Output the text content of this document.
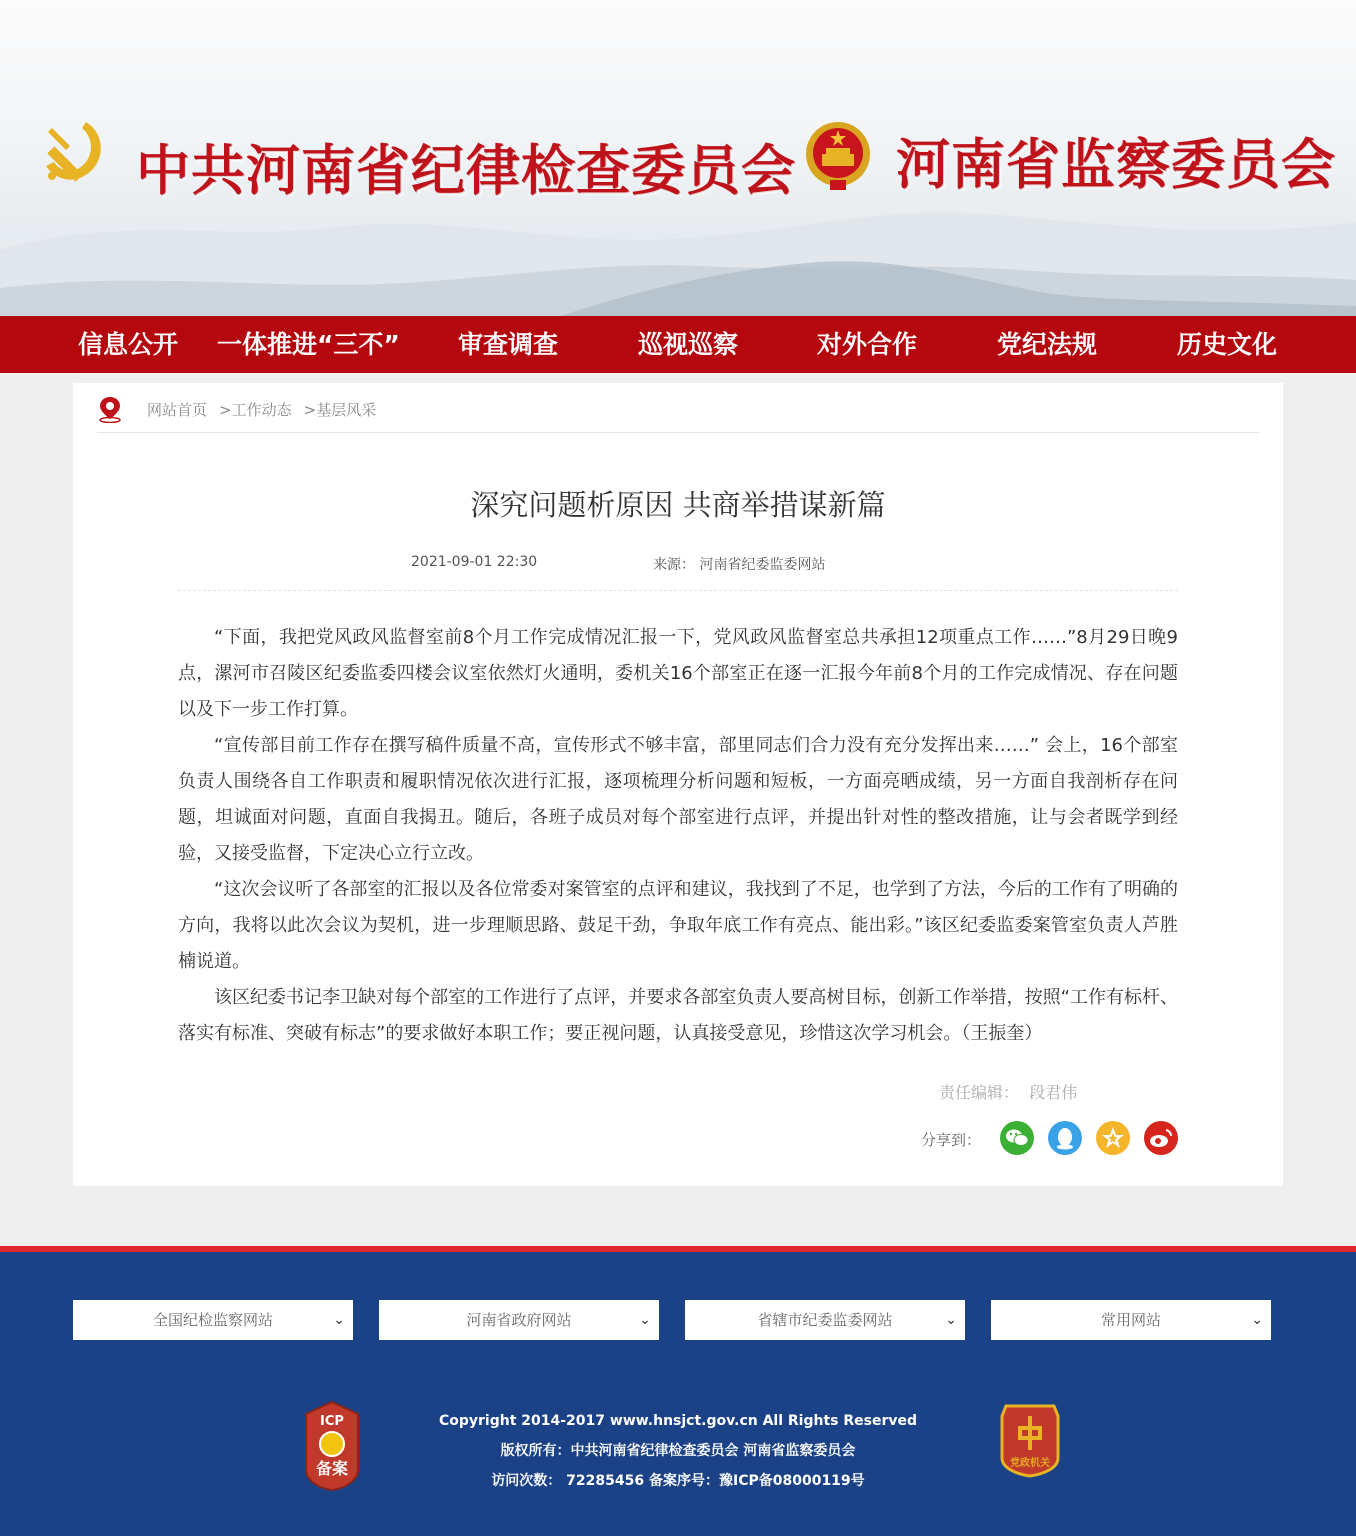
中共河南省纪律检查委员会 河南省监察委员会
信息公开 一体推进“三不” 审查调查	巡视巡察	对外合作	党纪法规	历史文化
网站首页 >工作动态 >基层风采
深究问题析原因 共商举措谋新篇
2021-09-01 22:30	来源： 河南省纪委监委网站

“下面，我把党风政风监督室前8个月工作完成情况汇报一下，党风政风监督室总共承担12项重点工作……”8月29日晚9点，漯河市召陵区纪委监委四楼会议室依然灯火通明，委机关16个部室正在逐一汇报今年前8个月的工作完成情况、存在问题以及下一步工作打算。

“宣传部目前工作存在撰写稿件质量不高，宣传形式不够丰富，部里同志们合力没有充分发挥出来……” 会上，16个部室负责人围绕各自工作职责和履职情况依次进行汇报，逐项梳理分析问题和短板，一方面亮晒成绩，另一方面自我剖析存在问题，坦诚面对问题，直面自我揭丑。随后，各班子成员对每个部室进行点评，并提出针对性的整改措施，让与会者既学到经验，又接受监督，下定决心立行立改。

“这次会议听了各部室的汇报以及各位常委对案管室的点评和建议，我找到了不足，也学到了方法，今后的工作有了明确的方向，我将以此次会议为契机，进一步理顺思路、鼓足干劲，争取年底工作有亮点、能出彩。”该区纪委监委案管室负责人芦胜楠说道。

该区纪委书记李卫缺对每个部室的工作进行了点评，并要求各部室负责人要高树目标，创新工作举措，按照“工作有标杆、落实有标准、突破有标志”的要求做好本职工作；要正视问题，认真接受意见，珍惜这次学习机会。（王振奎）

责任编辑： 段君伟
分享到：
全国纪检监察网站	⌄	河南省政府网站	⌄	省辖市纪委监委网站	⌄	常用网站	⌄
ICP
备案
Copyright 2014-2017 www.hnsjct.gov.cn All Rights Reserved
版权所有：中共河南省纪律检查委员会 河南省监察委员会
访问次数： 72285456 备案序号：豫ICP备08000119号
党政机关
